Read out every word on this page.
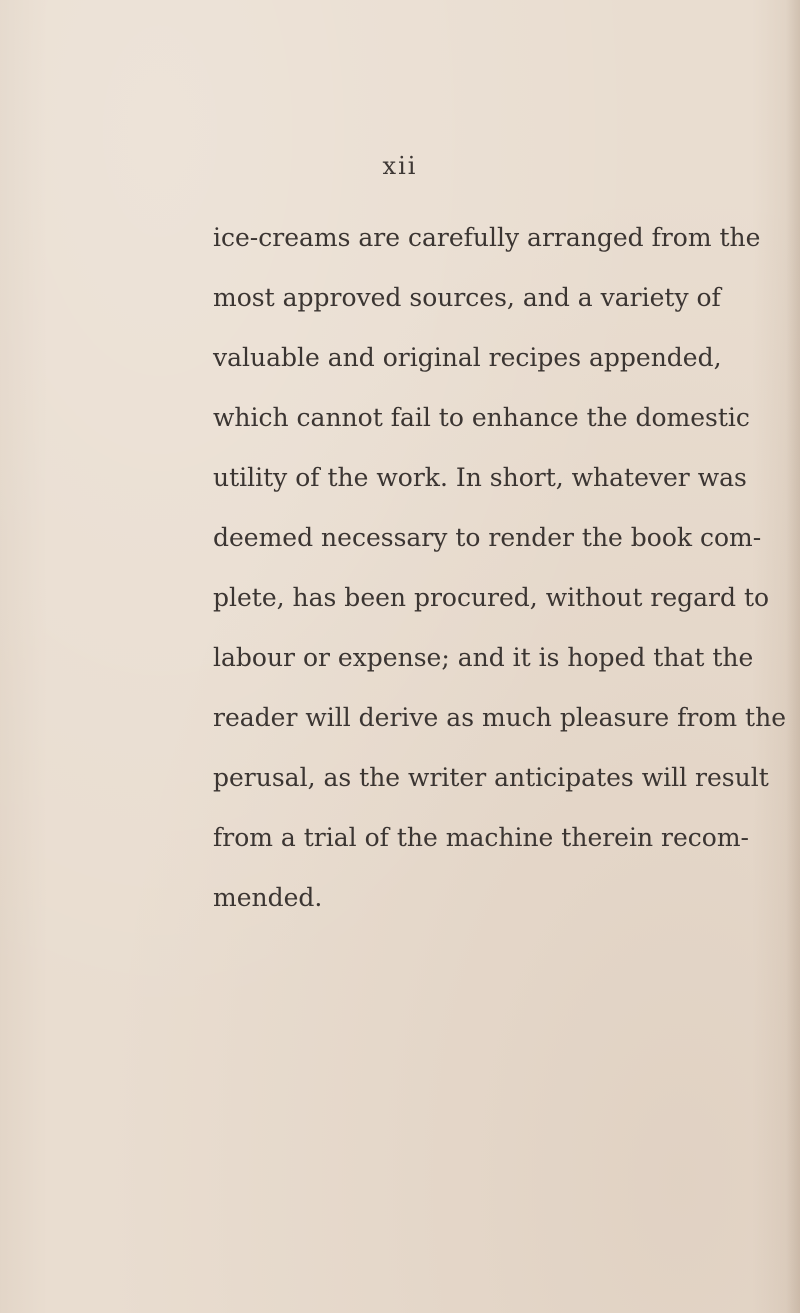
xii
ice-creams are carefully arranged from the
most approved sources, and a variety of
valuable and original recipes appended,
which cannot fail to enhance the domestic
utility of the work. In short, whatever was
deemed necessary to render the book com-
plete, has been procured, without regard to
labour or expense; and it is hoped that the
reader will derive as much pleasure from the
perusal, as the writer anticipates will result
from a trial of the machine therein recom-
mended.
